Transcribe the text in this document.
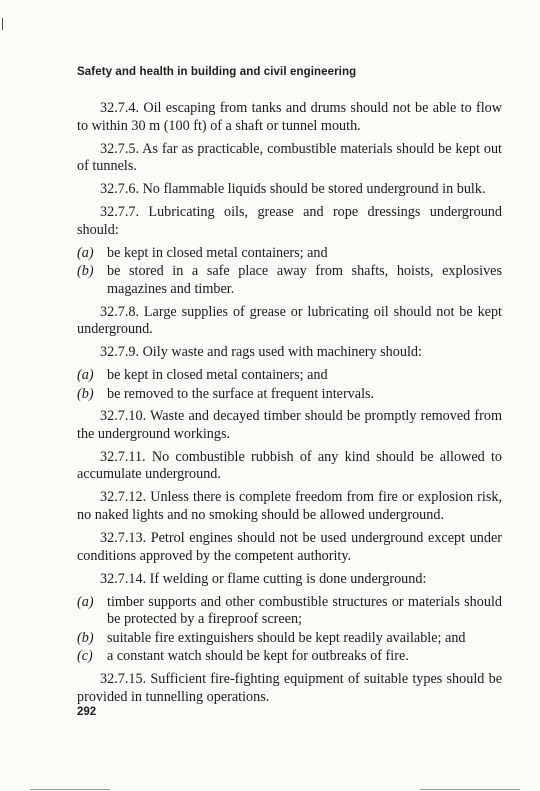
Safety and health in building and civil engineering

32.7.4. Oil escaping from tanks and drums should not be able to flow to within 30 m (100 ft) of a shaft or tunnel mouth.

32.7.5. As far as practicable, combustible materials should be kept out of tunnels.

32.7.6. No flammable liquids should be stored underground in bulk.

32.7.7. Lubricating oils, grease and rope dressings underground should:

(a) be kept in closed metal containers; and
(b) be stored in a safe place away from shafts, hoists, explosives magazines and timber.

32.7.8. Large supplies of grease or lubricating oil should not be kept underground.

32.7.9. Oily waste and rags used with machinery should:

(a) be kept in closed metal containers; and
(b) be removed to the surface at frequent intervals.

32.7.10. Waste and decayed timber should be promptly removed from the underground workings.

32.7.11. No combustible rubbish of any kind should be allowed to accumulate underground.

32.7.12. Unless there is complete freedom from fire or explosion risk, no naked lights and no smoking should be allowed underground.

32.7.13. Petrol engines should not be used underground except under conditions approved by the competent authority.

32.7.14. If welding or flame cutting is done underground:

(a) timber supports and other combustible structures or materials should be protected by a fireproof screen;
(b) suitable fire extinguishers should be kept readily available; and
(c) a constant watch should be kept for outbreaks of fire.

32.7.15. Sufficient fire-fighting equipment of suitable types should be provided in tunnelling operations.

292
